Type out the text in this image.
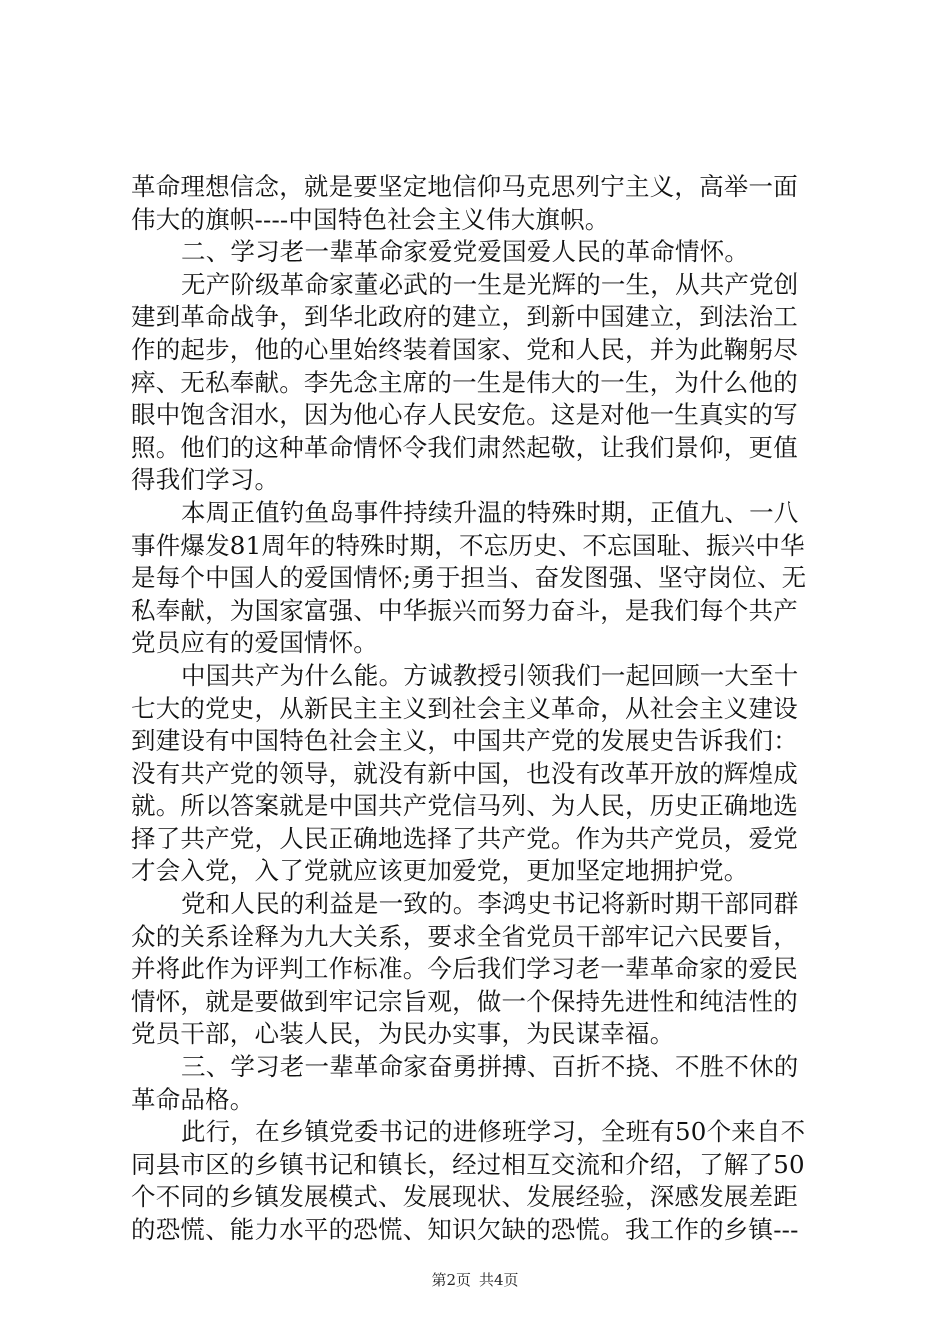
革命理想信念，就是要坚定地信仰马克思列宁主义，高举一面
伟大的旗帜----中国特色社会主义伟大旗帜。
二、学习老一辈革命家爱党爱国爱人民的革命情怀。
无产阶级革命家董必武的一生是光辉的一生，从共产党创
建到革命战争，到华北政府的建立，到新中国建立，到法治工
作的起步，他的心里始终装着国家、党和人民，并为此鞠躬尽
瘁、无私奉献。李先念主席的一生是伟大的一生，为什么他的
眼中饱含泪水，因为他心存人民安危。这是对他一生真实的写
照。他们的这种革命情怀令我们肃然起敬，让我们景仰，更值
得我们学习。
本周正值钓鱼岛事件持续升温的特殊时期，正值九、一八
事件爆发81周年的特殊时期，不忘历史、不忘国耻、振兴中华
是每个中国人的爱国情怀;勇于担当、奋发图强、坚守岗位、无
私奉献，为国家富强、中华振兴而努力奋斗，是我们每个共产
党员应有的爱国情怀。
中国共产为什么能。方诚教授引领我们一起回顾一大至十
七大的党史，从新民主主义到社会主义革命，从社会主义建设
到建设有中国特色社会主义，中国共产党的发展史告诉我们：
没有共产党的领导，就没有新中国，也没有改革开放的辉煌成
就。所以答案就是中国共产党信马列、为人民，历史正确地选
择了共产党，人民正确地选择了共产党。作为共产党员，爱党
才会入党，入了党就应该更加爱党，更加坚定地拥护党。
党和人民的利益是一致的。李鸿史书记将新时期干部同群
众的关系诠释为九大关系，要求全省党员干部牢记六民要旨，
并将此作为评判工作标准。今后我们学习老一辈革命家的爱民
情怀，就是要做到牢记宗旨观，做一个保持先进性和纯洁性的
党员干部，心装人民，为民办实事，为民谋幸福。
三、学习老一辈革命家奋勇拼搏、百折不挠、不胜不休的
革命品格。
此行，在乡镇党委书记的进修班学习，全班有50个来自不
同县市区的乡镇书记和镇长，经过相互交流和介绍，了解了50
个不同的乡镇发展模式、发展现状、发展经验，深感发展差距
的恐慌、能力水平的恐慌、知识欠缺的恐慌。我工作的乡镇---
第2页 共4页
